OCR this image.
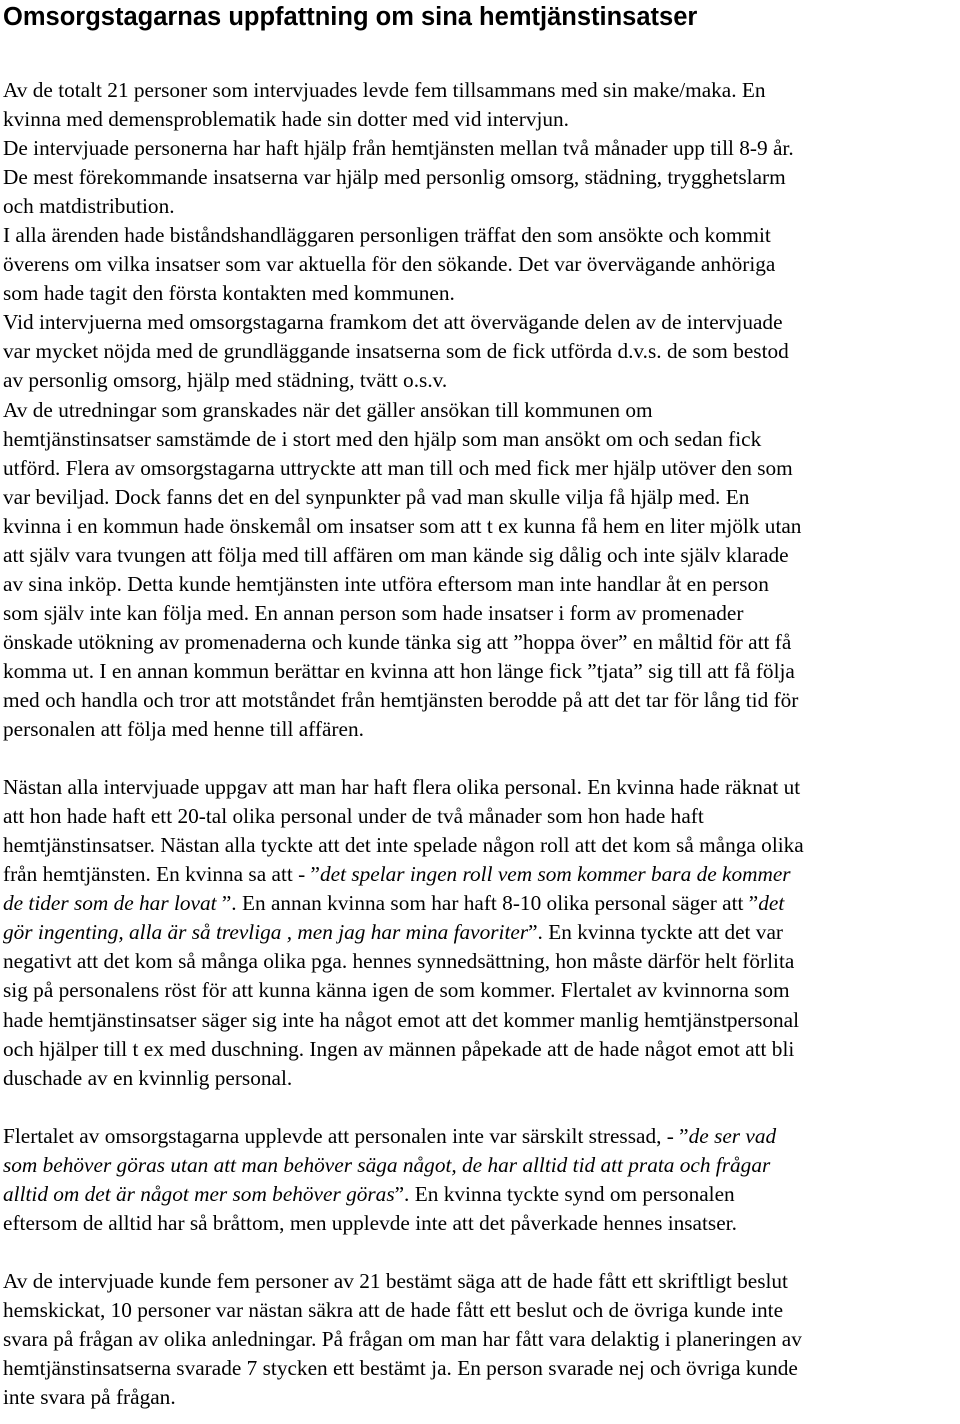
Omsorgstagarnas uppfattning om sina hemtjänstinsatser
Av de totalt 21 personer som intervjuades levde fem tillsammans med sin make/maka. En
kvinna med demensproblematik hade sin dotter med vid intervjun.
De intervjuade personerna har haft hjälp från hemtjänsten mellan två månader upp till 8-9 år.
De mest förekommande insatserna var hjälp med personlig omsorg, städning, trygghetslarm
och matdistribution.
I alla ärenden hade biståndshandläggaren personligen träffat den som ansökte och kommit
överens om vilka insatser som var aktuella för den sökande. Det var övervägande anhöriga
som hade tagit den första kontakten med kommunen.
Vid intervjuerna med omsorgstagarna framkom det att övervägande delen av de intervjuade
var mycket nöjda med de grundläggande insatserna som de fick utförda d.v.s. de som bestod
av personlig omsorg, hjälp med städning, tvätt o.s.v.
Av de utredningar som granskades när det gäller ansökan till kommunen om
hemtjänstinsatser samstämde de i stort med den hjälp som man ansökt om och sedan fick
utförd. Flera av omsorgstagarna uttryckte att man till och med fick mer hjälp utöver den som
var beviljad. Dock fanns det en del synpunkter på vad man skulle vilja få hjälp med. En
kvinna i en kommun hade önskemål om insatser som att t ex kunna få hem en liter mjölk utan
att själv vara tvungen att följa med till affären om man kände sig dålig och inte själv klarade
av sina inköp. Detta kunde hemtjänsten inte utföra eftersom man inte handlar åt en person
som själv inte kan följa med. En annan person som hade insatser i form av promenader
önskade utökning av promenaderna och kunde tänka sig att ”hoppa över” en måltid för att få
komma ut. I en annan kommun berättar en kvinna att hon länge fick ”tjata” sig till att få följa
med och handla och tror att motståndet från hemtjänsten berodde på att det tar för lång tid för
personalen att följa med henne till affären.
Nästan alla intervjuade uppgav att man har haft flera olika personal. En kvinna hade räknat ut
att hon hade haft ett 20-tal olika personal under de två månader som hon hade haft
hemtjänstinsatser. Nästan alla tyckte att det inte spelade någon roll att det kom så många olika
från hemtjänsten. En kvinna sa att - ”det spelar ingen roll vem som kommer bara de kommer
de tider som de har lovat ”. En annan kvinna som har haft 8-10 olika personal säger att ”det
gör ingenting, alla är så trevliga , men jag har mina favoriter”. En kvinna tyckte att det var
negativt att det kom så många olika pga. hennes synnedsättning, hon måste därför helt förlita
sig på personalens röst för att kunna känna igen de som kommer. Flertalet av kvinnorna som
hade hemtjänstinsatser säger sig inte ha något emot att det kommer manlig hemtjänstpersonal
och hjälper till t ex med duschning. Ingen av männen påpekade att de hade något emot att bli
duschade av en kvinnlig personal.
Flertalet av omsorgstagarna upplevde att personalen inte var särskilt stressad, - ”de ser vad
som behöver göras utan att man behöver säga något, de har alltid tid att prata och frågar
alltid om det är något mer som behöver göras”. En kvinna tyckte synd om personalen
eftersom de alltid har så bråttom, men upplevde inte att det påverkade hennes insatser.
Av de intervjuade kunde fem personer av 21 bestämt säga att de hade fått ett skriftligt beslut
hemskickat, 10 personer var nästan säkra att de hade fått ett beslut och de övriga kunde inte
svara på frågan av olika anledningar. På frågan om man har fått vara delaktig i planeringen av
hemtjänstinsatserna svarade 7 stycken ett bestämt ja. En person svarade nej och övriga kunde
inte svara på frågan.
